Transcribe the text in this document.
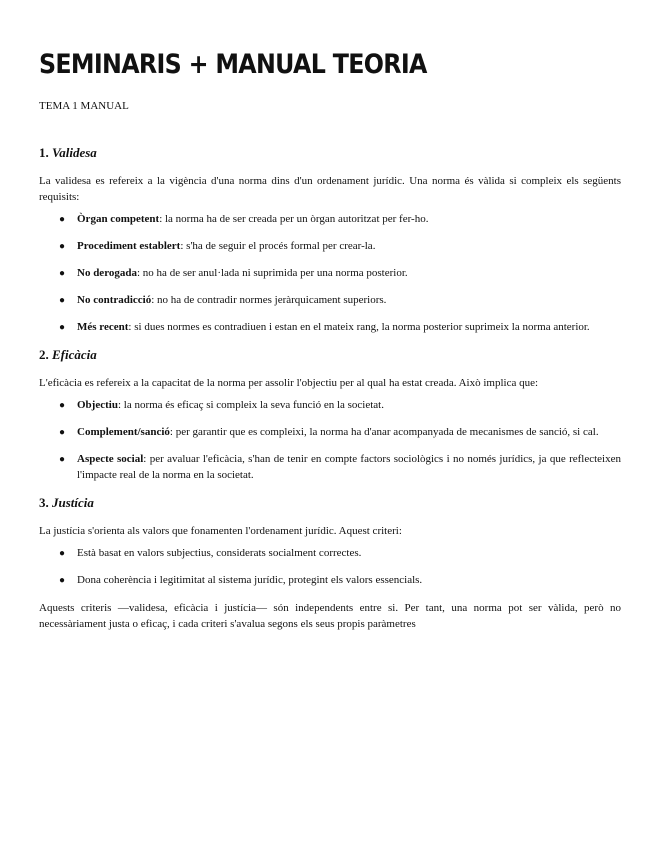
SEMINARIS + MANUAL TEORIA
TEMA 1 MANUAL
1. Validesa

La validesa es refereix a la vigència d'una norma dins d'un ordenament jurídic. Una norma és vàlida si compleix els següents requisits:

● Òrgan competent: la norma ha de ser creada per un òrgan autoritzat per fer-ho.
● Procediment establert: s'ha de seguir el procés formal per crear-la.
● No derogada: no ha de ser anul·lada ni suprimida per una norma posterior.
● No contradicció: no ha de contradir normes jeràrquicament superiors.
● Més recent: si dues normes es contradiuen i estan en el mateix rang, la norma posterior suprimeix la norma anterior.
2. Eficàcia

L'eficàcia es refereix a la capacitat de la norma per assolir l'objectiu per al qual ha estat creada. Això implica que:

● Objectiu: la norma és eficaç si compleix la seva funció en la societat.
● Complement/sanció: per garantir que es compleixi, la norma ha d'anar acompanyada de mecanismes de sanció, si cal.
● Aspecte social: per avaluar l'eficàcia, s'han de tenir en compte factors sociològics i no només jurídics, ja que reflecteixen l'impacte real de la norma en la societat.
3. Justícia

La justícia s'orienta als valors que fonamenten l'ordenament jurídic. Aquest criteri:

● Està basat en valors subjectius, considerats socialment correctes.
● Dona coherència i legitimitat al sistema jurídic, protegint els valors essencials.

Aquests criteris —validesa, eficàcia i justícia— són independents entre si. Per tant, una norma pot ser vàlida, però no necessàriament justa o eficaç, i cada criteri s'avalua segons els seus propis paràmetres
